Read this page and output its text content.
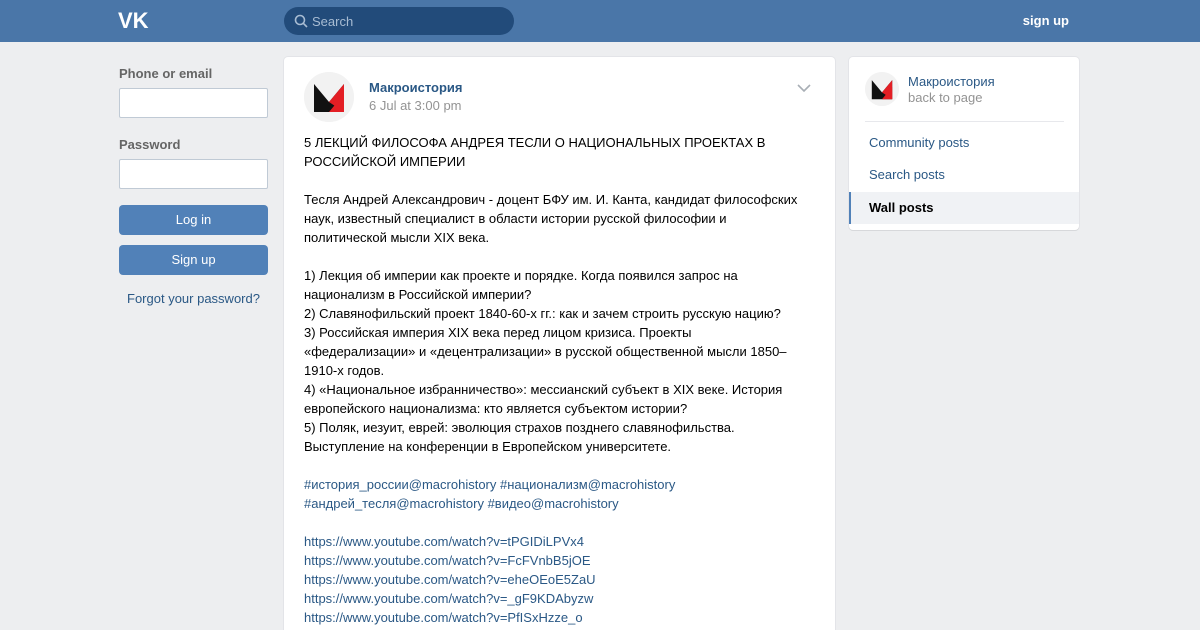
VK
Search	sign up
Phone or email
Password
Log in
Sign up
Forgot your password?
Макроистория
6 Jul at 3:00 pm

5 ЛЕКЦИЙ ФИЛОСОФА АНДРЕЯ ТЕСЛИ О НАЦИОНАЛЬНЫХ ПРОЕКТАХ В

РОССИЙСКОЙ ИМПЕРИИ

Тесля Андрей Александрович - доцент БФУ им. И. Канта, кандидат философских

наук, известный специалист в области истории русской философии и

политической мысли XIX века.

1) Лекция об империи как проекте и порядке. Когда появился запрос на

национализм в Российской империи?

2) Славянофильский проект 1840-60-х гг.: как и зачем строить русскую нацию?

3) Российская империя XIX века перед лицом кризиса. Проекты

«федерализации» и «децентрализации» в русской общественной мысли 1850–

1910-х годов.

4) «Национальное избранничество»: мессианский субъект в XIX веке. История

европейского национализма: кто является субъектом истории?

5) Поляк, иезуит, еврей: эволюция страхов позднего славянофильства.

Выступление на конференции в Европейском университете.

#история_россии@macrohistory #национализм@macrohistory

#андрей_тесля@macrohistory #видео@macrohistory

https://www.youtube.com/watch?v=tPGIDiLPVx4
https://www.youtube.com/watch?v=FcFVnbB5jOE
https://www.youtube.com/watch?v=eheOEoE5ZaU
https://www.youtube.com/watch?v=_gF9KDAbyzw
https://www.youtube.com/watch?v=PfISxHzze_o
Макроистория
back to page
Community posts
Search posts
Wall posts
